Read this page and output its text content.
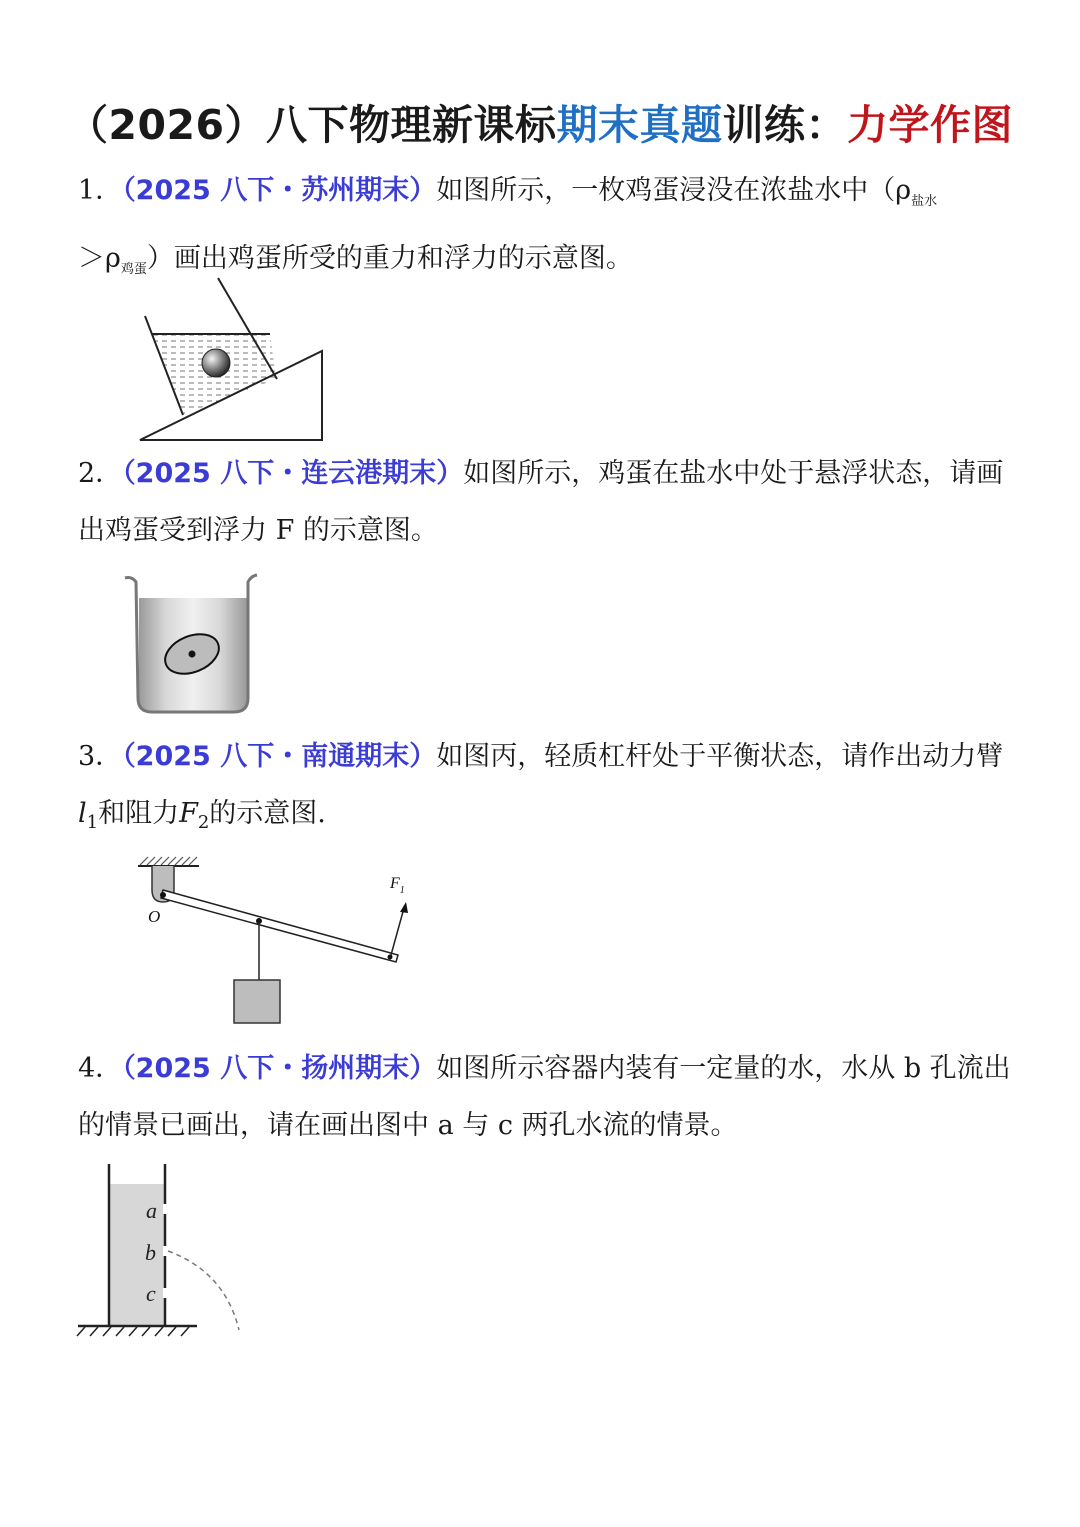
（2026）八下物理新课标期末真题训练：力学作图
1．（2025 八下・苏州期末）如图所示，一枚鸡蛋浸没在浓盐水中（$\rho_{盐水}$
$>\rho_{鸡蛋}$）画出鸡蛋所受的重力和浮力的示意图。
2．（2025 八下・连云港期末）如图所示，鸡蛋在盐水中处于悬浮状态，请画出鸡蛋受到浮力 F 的示意图。
3．（2025 八下・南通期末）如图丙，轻质杠杆处于平衡状态，请作出动力臂$l_1$和阻力$F_2$的示意图.
O
$F_1$
4．（2025 八下・扬州期末）如图所示容器内装有一定量的水，水从 b 孔流出的情景已画出，请在画出图中 a 与 c 两孔水流的情景。
a
b
c
